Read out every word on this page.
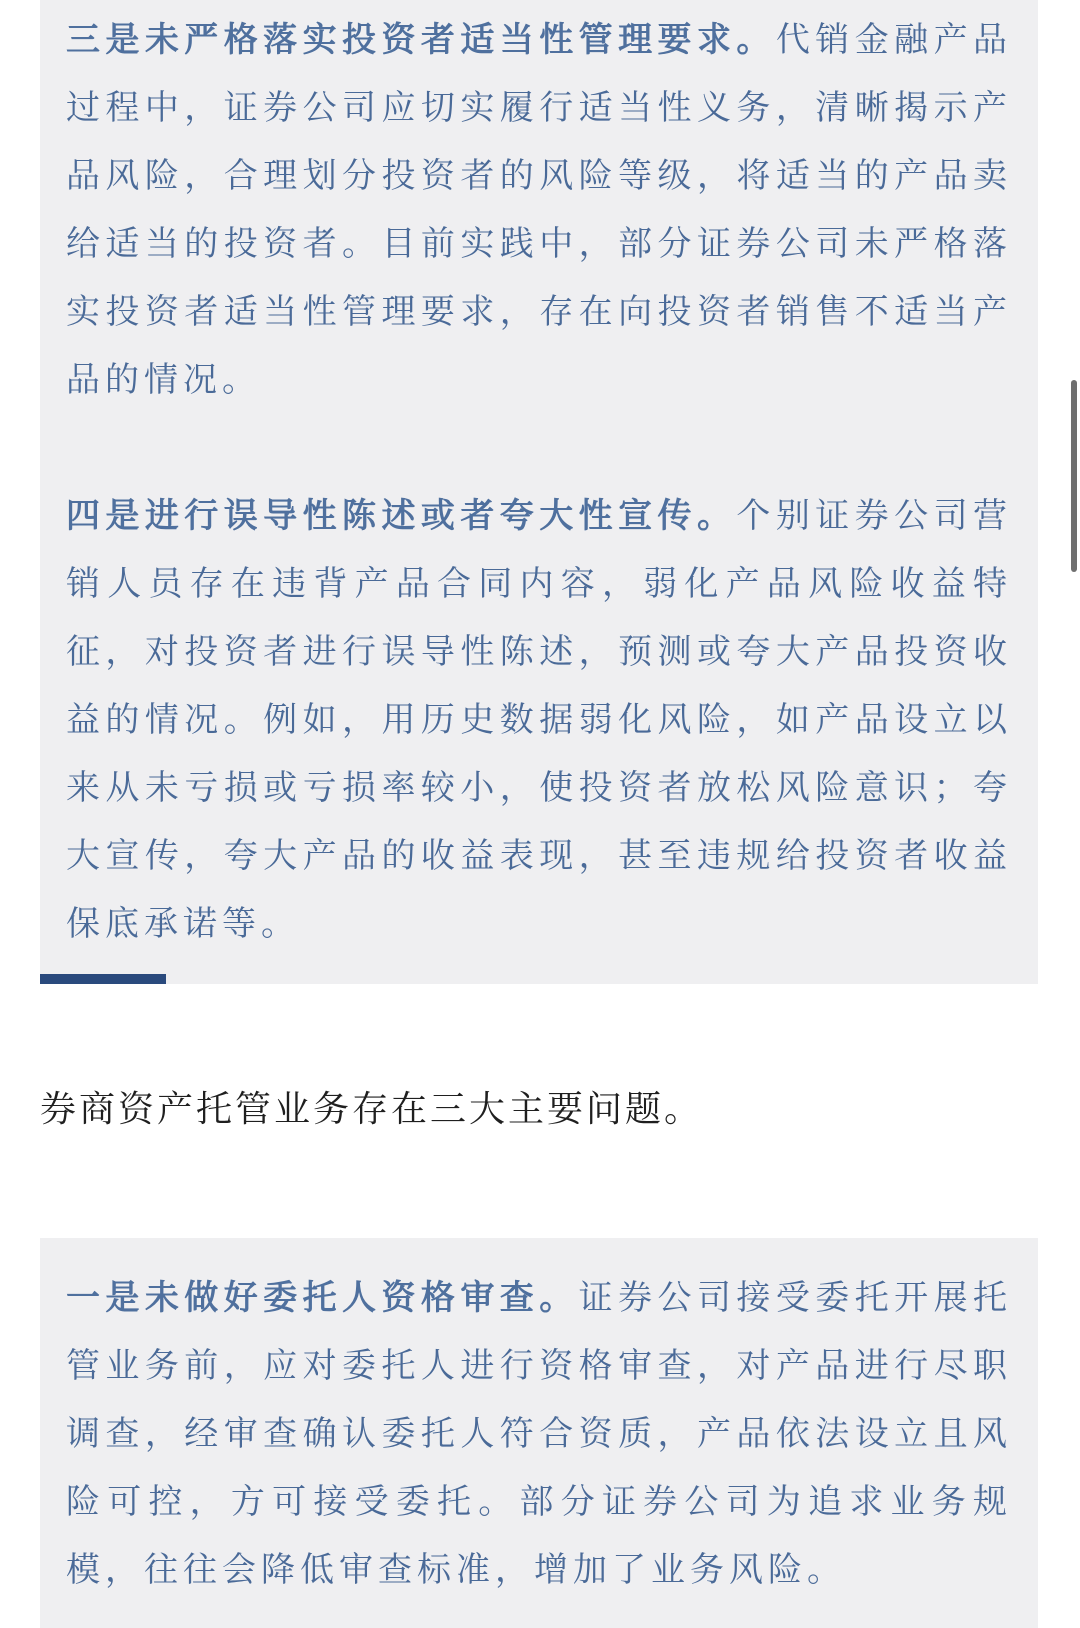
三是未严格落实投资者适当性管理要求。代销金融产品过程中，证券公司应切实履行适当性义务，清晰揭示产品风险，合理划分投资者的风险等级，将适当的产品卖给适当的投资者。目前实践中，部分证券公司未严格落实投资者适当性管理要求，存在向投资者销售不适当产品的情况。

四是进行误导性陈述或者夸大性宣传。个别证券公司营销人员存在违背产品合同内容，弱化产品风险收益特征，对投资者进行误导性陈述，预测或夸大产品投资收益的情况。例如，用历史数据弱化风险，如产品设立以来从未亏损或亏损率较小，使投资者放松风险意识；夸大宣传，夸大产品的收益表现，甚至违规给投资者收益保底承诺等。

券商资产托管业务存在三大主要问题。

一是未做好委托人资格审查。证券公司接受委托开展托管业务前，应对委托人进行资格审查，对产品进行尽职调查，经审查确认委托人符合资质，产品依法设立且风险可控，方可接受委托。部分证券公司为追求业务规模，往往会降低审查标准，增加了业务风险。
